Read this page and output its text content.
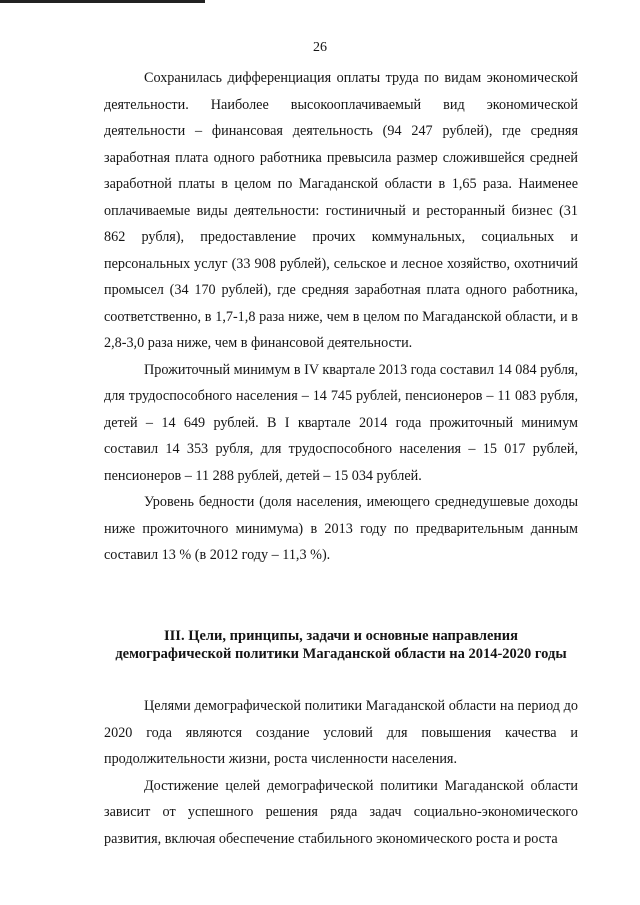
26

Сохранилась дифференциация оплаты труда по видам экономической деятельности. Наиболее высокооплачиваемый вид экономической деятельности – финансовая деятельность (94 247 рублей), где средняя заработная плата одного работника превысила размер сложившейся средней заработной платы в целом по Магаданской области в 1,65 раза. Наименее оплачиваемые виды деятельности: гостиничный и ресторанный бизнес (31 862 рубля), предоставление прочих коммунальных, социальных и персональных услуг (33 908 рублей), сельское и лесное хозяйство, охотничий промысел (34 170 рублей), где средняя заработная плата одного работника, соответственно, в 1,7-1,8 раза ниже, чем в целом по Магаданской области, и в 2,8-3,0 раза ниже, чем в финансовой деятельности.

Прожиточный минимум в IV квартале 2013 года составил 14 084 рубля, для трудоспособного населения – 14 745 рублей, пенсионеров – 11 083 рубля, детей – 14 649 рублей. В I квартале 2014 года прожиточный минимум составил 14 353 рубля, для трудоспособного населения – 15 017 рублей, пенсионеров – 11 288 рублей, детей – 15 034 рублей.

Уровень бедности (доля населения, имеющего среднедушевые доходы ниже прожиточного минимума) в 2013 году по предварительным данным составил 13 % (в 2012 году – 11,3 %).

III. Цели, принципы, задачи и основные направления
демографической политики Магаданской области на 2014-2020 годы

Целями демографической политики Магаданской области на период до 2020 года являются создание условий для повышения качества и продолжительности жизни, роста численности населения.

Достижение целей демографической политики Магаданской области зависит от успешного решения ряда задач социально-экономического развития, включая обеспечение стабильного экономического роста и роста
